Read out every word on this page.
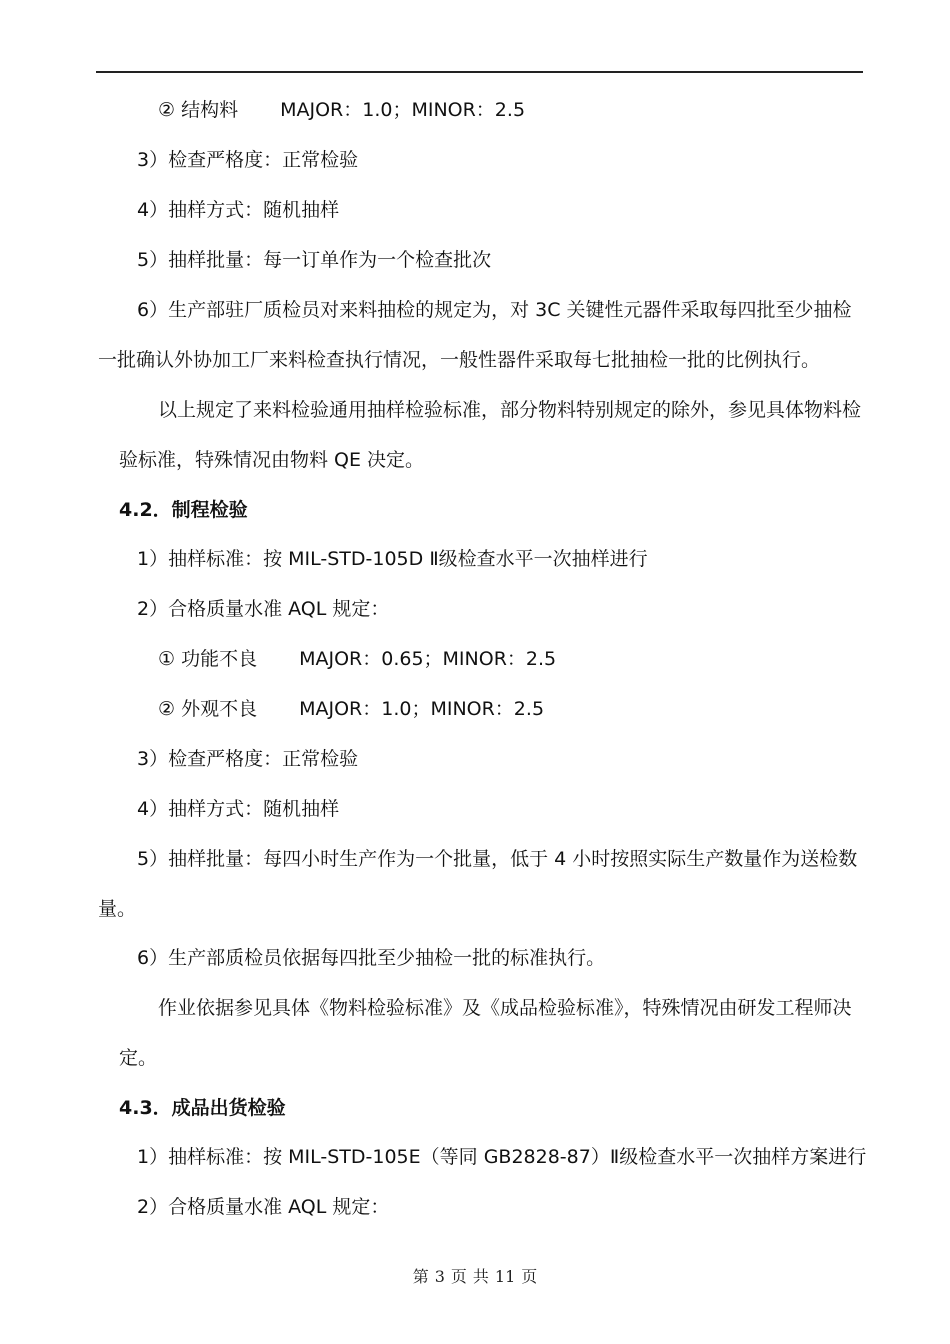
② 结构料 MAJOR：1.0；MINOR：2.5
3）检查严格度：正常检验
4）抽样方式：随机抽样
5）抽样批量：每一订单作为一个检查批次
6）生产部驻厂质检员对来料抽检的规定为，对 3C 关键性元器件采取每四批至少抽检
一批确认外协加工厂来料检查执行情况，一般性器件采取每七批抽检一批的比例执行。
以上规定了来料检验通用抽样检验标准，部分物料特别规定的除外，参见具体物料检
验标准，特殊情况由物料 QE 决定。
4.2．制程检验
1）抽样标准：按 MIL-STD-105D Ⅱ级检查水平一次抽样进行
2）合格质量水准 AQL 规定：
① 功能不良 MAJOR：0.65；MINOR：2.5
② 外观不良 MAJOR：1.0；MINOR：2.5
3）检查严格度：正常检验
4）抽样方式：随机抽样
5）抽样批量：每四小时生产作为一个批量，低于 4 小时按照实际生产数量作为送检数
量。
6）生产部质检员依据每四批至少抽检一批的标准执行。
作业依据参见具体《物料检验标准》及《成品检验标准》，特殊情况由研发工程师决
定。
4.3．成品出货检验
1）抽样标准：按 MIL-STD-105E（等同 GB2828-87）Ⅱ级检查水平一次抽样方案进行
2）合格质量水准 AQL 规定：
第 3 页 共 11 页
